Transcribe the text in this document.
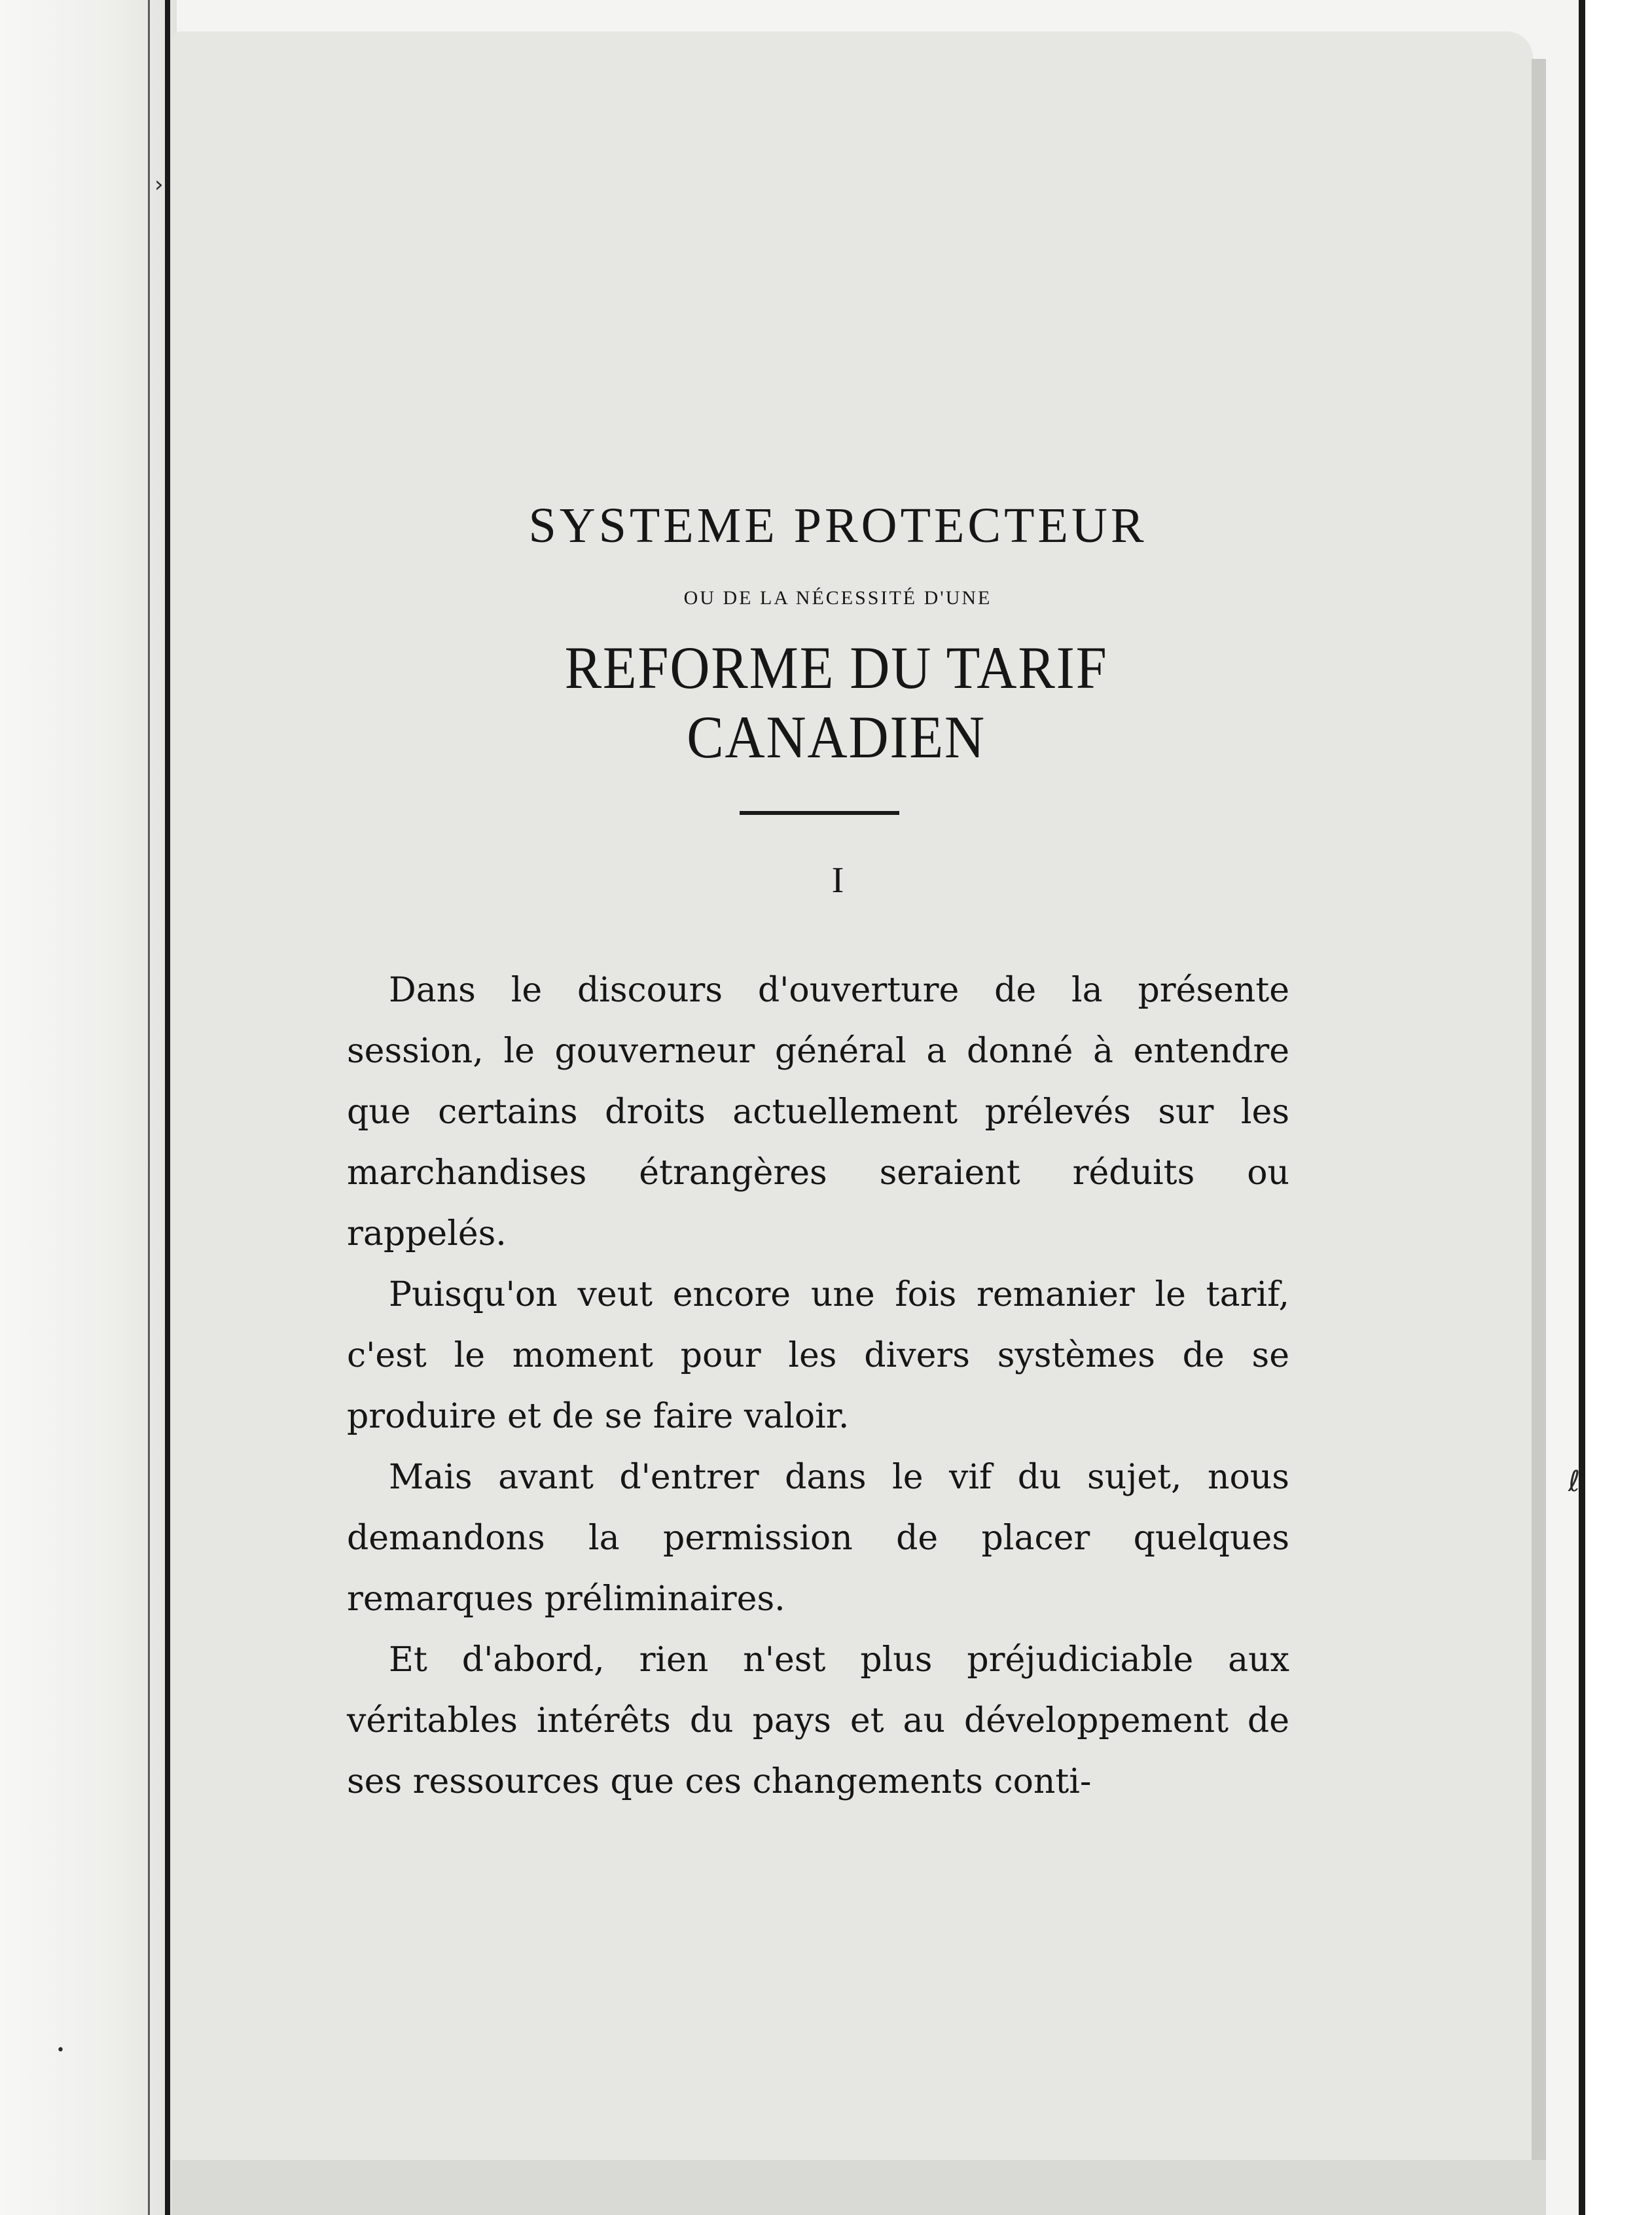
›
ℓ
•
SYSTEME PROTECTEUR
OU DE LA NÉCESSITÉ D'UNE
REFORME DU TARIF CANADIEN
I

Dans le discours d'ouverture de la présente session, le gouverneur général a donné à entendre que certains droits actuellement prélevés sur les marchandises étrangères seraient réduits ou rappelés.

Puisqu'on veut encore une fois remanier le tarif, c'est le moment pour les divers systèmes de se produire et de se faire valoir.

Mais avant d'entrer dans le vif du sujet, nous demandons la permission de placer quelques remarques préliminaires.

Et d'abord, rien n'est plus préjudiciable aux véritables intérêts du pays et au développement de ses ressources que ces changements conti-
